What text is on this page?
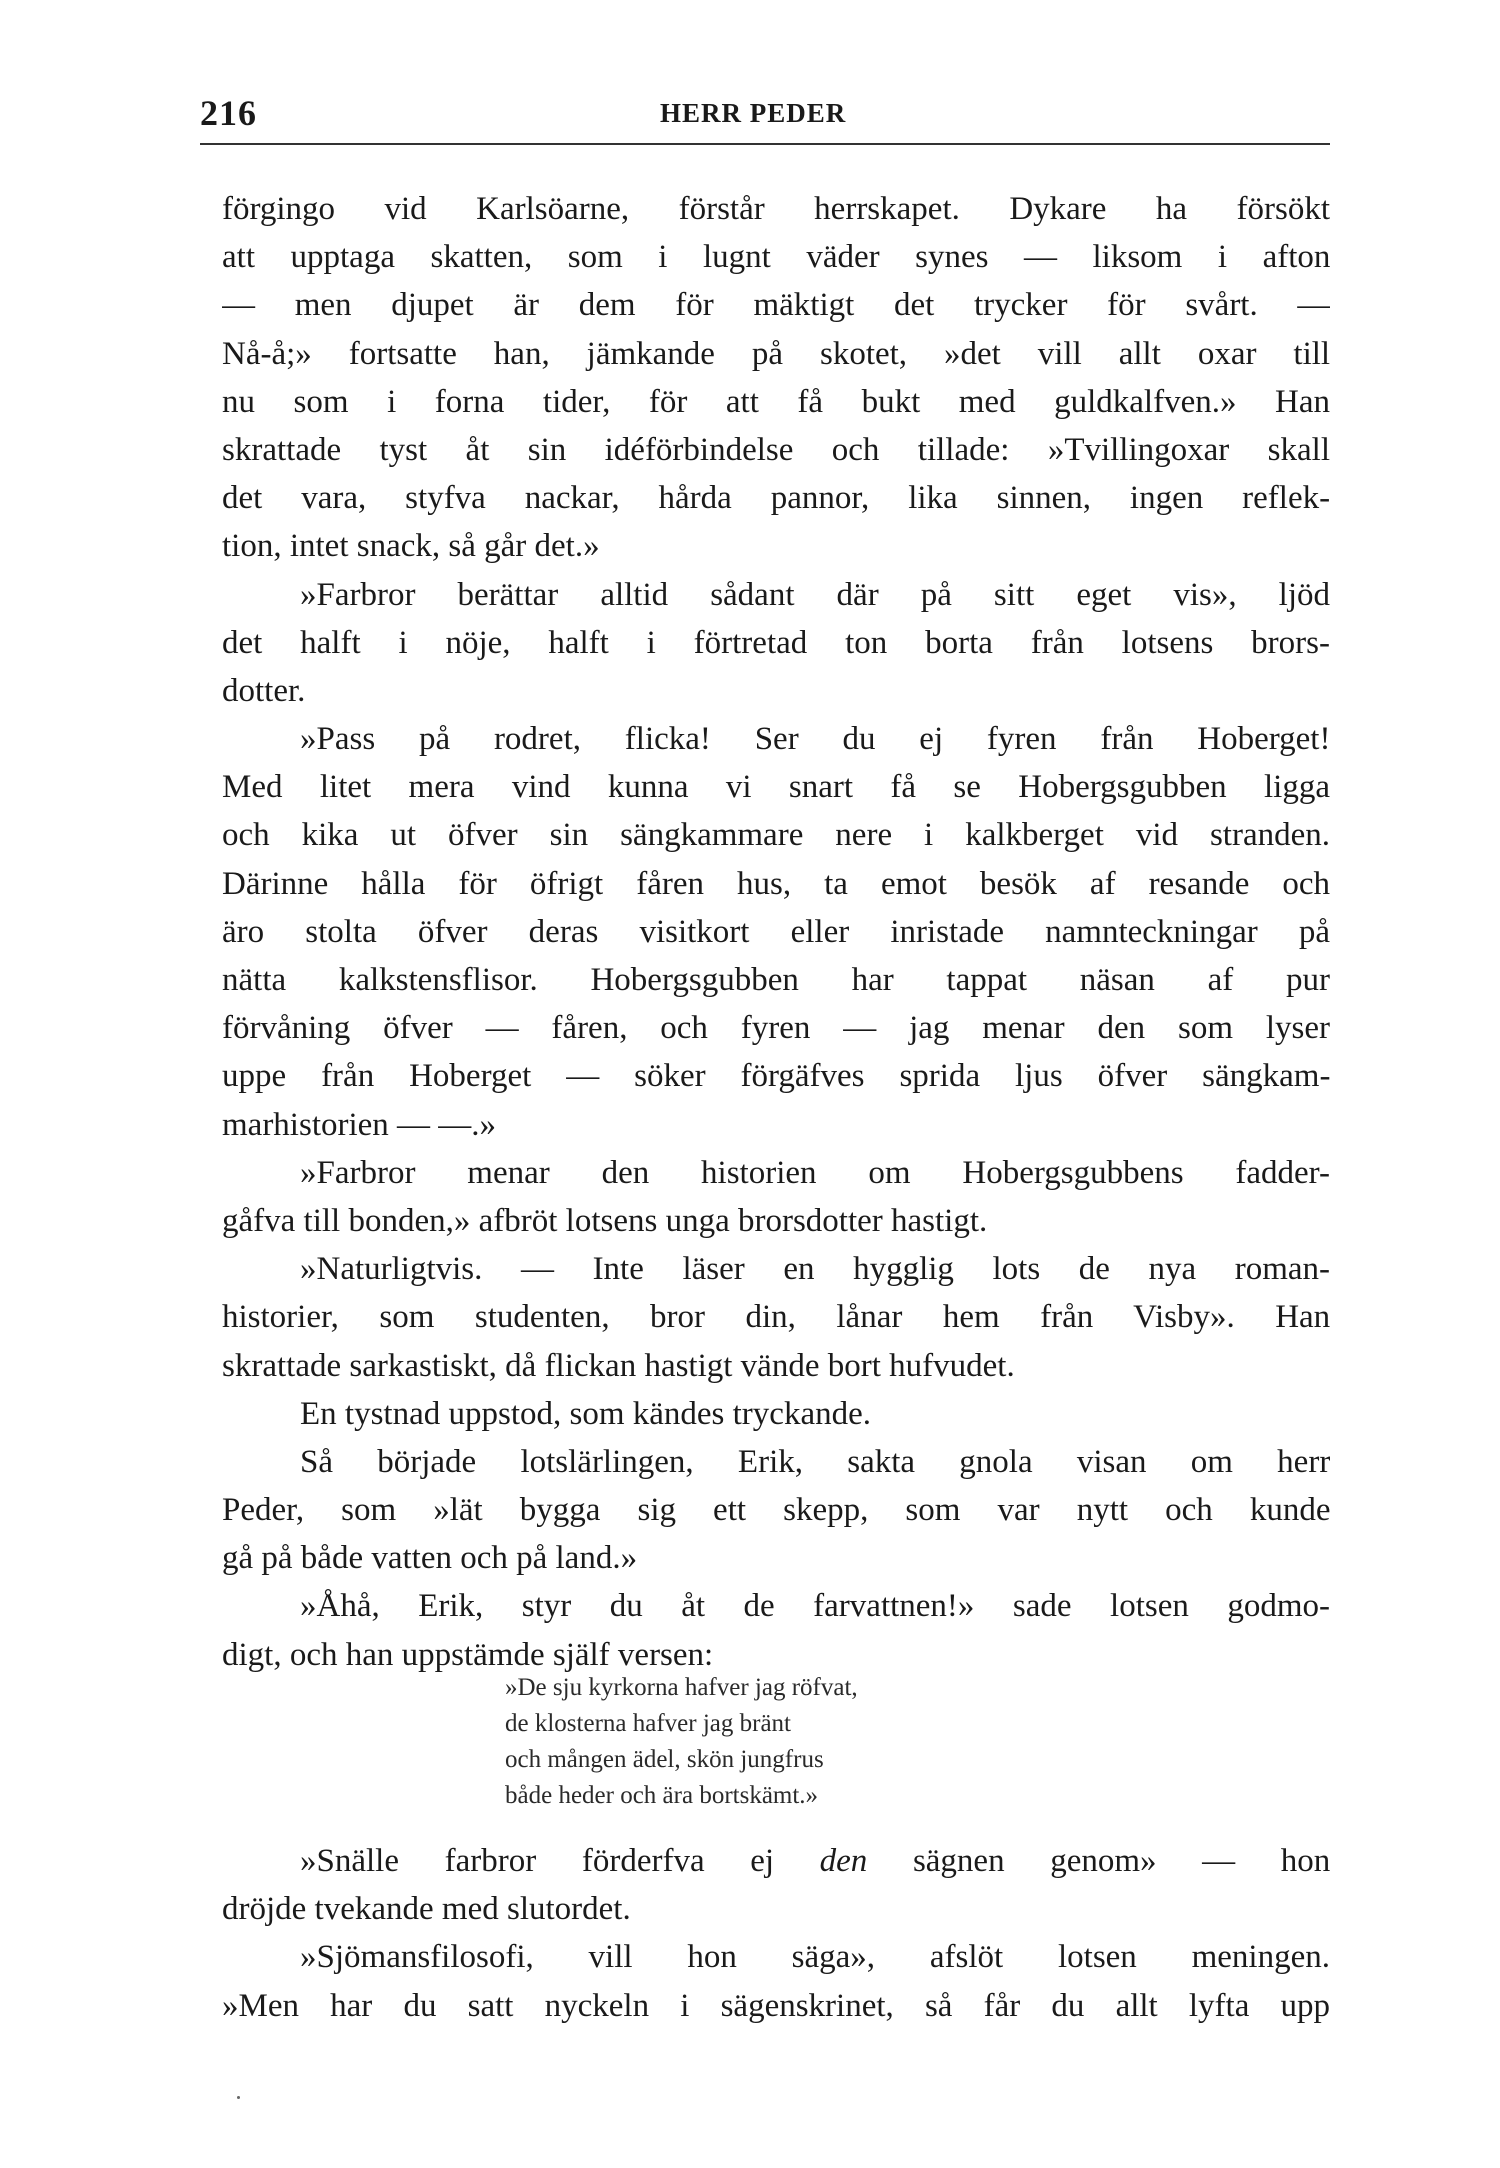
216	HERR PEDER
förgingo vid Karlsöarne, förstår herrskapet. Dykare ha försökt
att upptaga skatten, som i lugnt väder synes — liksom i afton
— men djupet är dem för mäktigt det trycker för svårt. —
Nå-å;» fortsatte han, jämkande på skotet, »det vill allt oxar till
nu som i forna tider, för att få bukt med guldkalfven.» Han
skrattade tyst åt sin idéförbindelse och tillade: »Tvillingoxar skall
det vara, styfva nackar, hårda pannor, lika sinnen, ingen reflek-
tion, intet snack, så går det.»
»Farbror berättar alltid sådant där på sitt eget vis», ljöd
det halft i nöje, halft i förtretad ton borta från lotsens brors-
dotter.
»Pass på rodret, flicka! Ser du ej fyren från Hoberget!
Med litet mera vind kunna vi snart få se Hobergsgubben ligga
och kika ut öfver sin sängkammare nere i kalkberget vid stranden.
Därinne hålla för öfrigt fåren hus, ta emot besök af resande och
äro stolta öfver deras visitkort eller inristade namnteckningar på
nätta kalkstensflisor. Hobergsgubben har tappat näsan af pur
förvåning öfver — fåren, och fyren — jag menar den som lyser
uppe från Hoberget — söker förgäfves sprida ljus öfver sängkam-
marhistorien — —.»
»Farbror menar den historien om Hobergsgubbens fadder-
gåfva till bonden,» afbröt lotsens unga brorsdotter hastigt.
»Naturligtvis. — Inte läser en hygglig lots de nya roman-
historier, som studenten, bror din, lånar hem från Visby». Han
skrattade sarkastiskt, då flickan hastigt vände bort hufvudet.
En tystnad uppstod, som kändes tryckande.
Så började lotslärlingen, Erik, sakta gnola visan om herr
Peder, som »lät bygga sig ett skepp, som var nytt och kunde
gå på både vatten och på land.»
»Åhå, Erik, styr du åt de farvattnen!» sade lotsen godmo-
digt, och han uppstämde själf versen:
»De sju kyrkorna hafver jag röfvat,
de klosterna hafver jag bränt
och mången ädel, skön jungfrus
både heder och ära bortskämt.»
»Snälle farbror förderfva ej den sägnen genom» — hon
dröjde tvekande med slutordet.
»Sjömansfilosofi, vill hon säga», afslöt lotsen meningen.
»Men har du satt nyckeln i sägenskrinet, så får du allt lyfta upp
